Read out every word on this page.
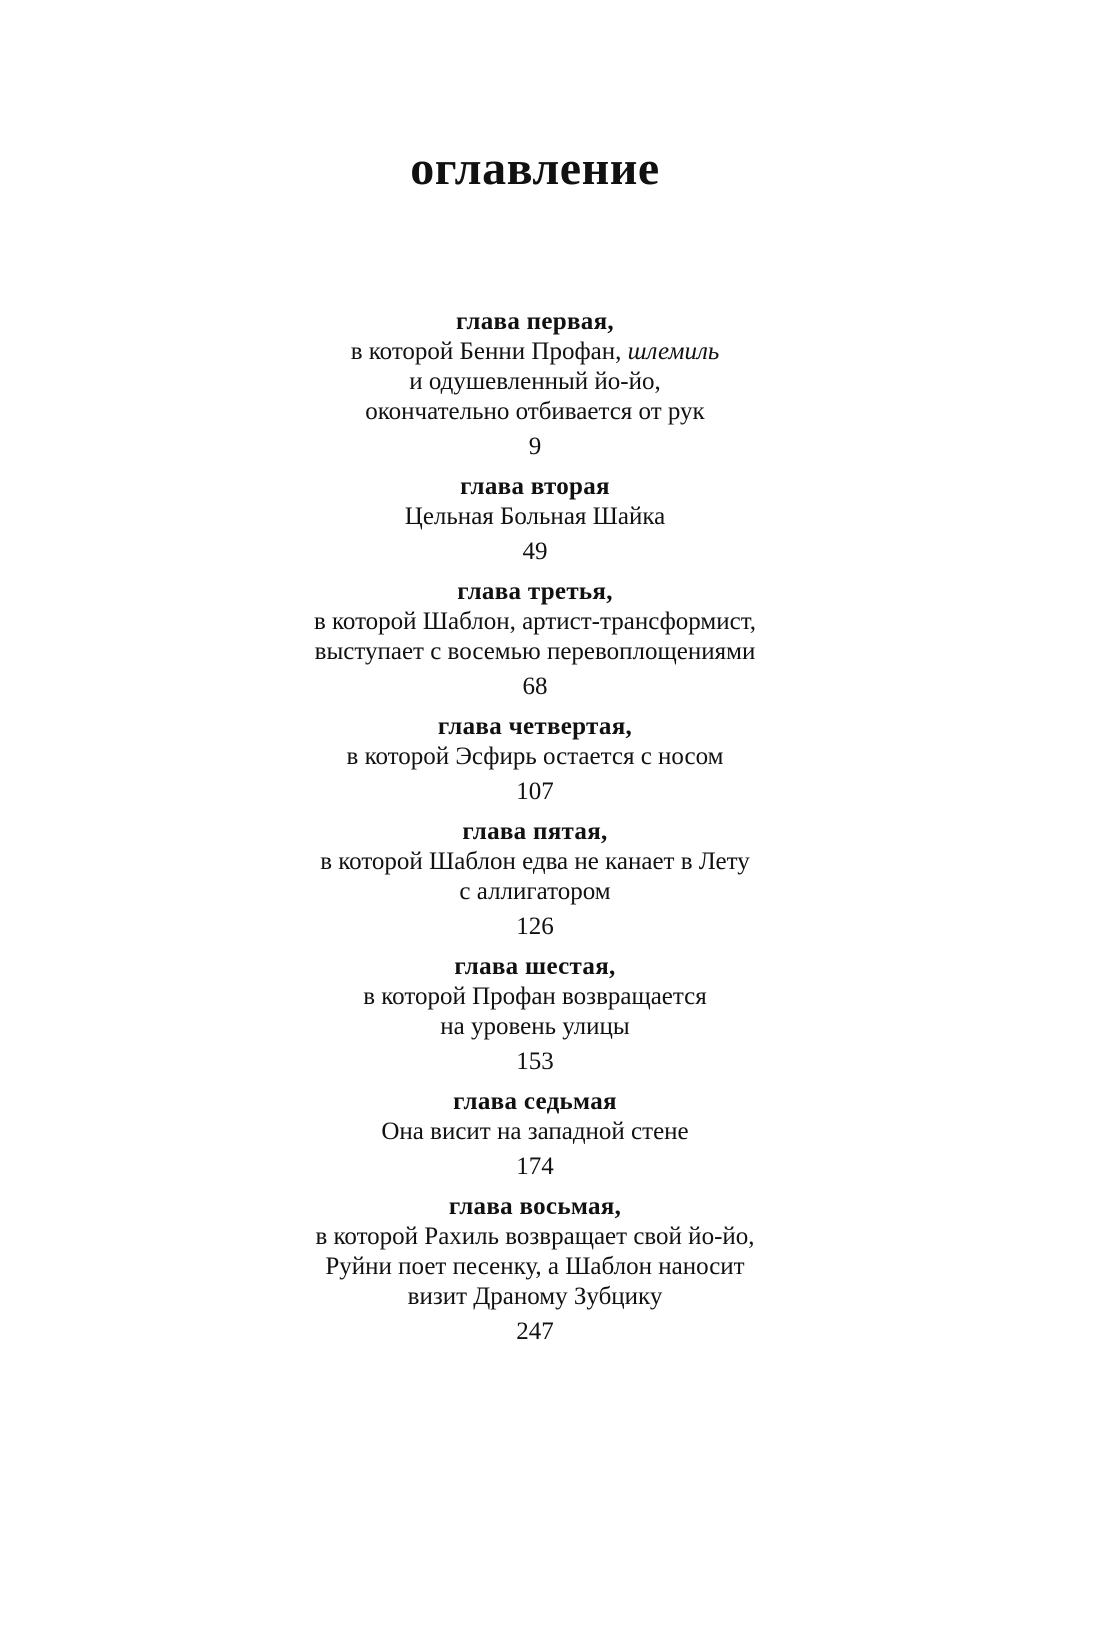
оглавление
глава первая,
в которой Бенни Профан, шлемиль
и одушевленный йо-йо,
окончательно отбивается от рук
9
глава вторая
Цельная Больная Шайка
49
глава третья,
в которой Шаблон, артист-трансформист,
выступает с восемью перевоплощениями
68
глава четвертая,
в которой Эсфирь остается с носом
107
глава пятая,
в которой Шаблон едва не канает в Лету
с аллигатором
126
глава шестая,
в которой Профан возвращается
на уровень улицы
153
глава седьмая
Она висит на западной стене
174
глава восьмая,
в которой Рахиль возвращает свой йо-йо,
Руйни поет песенку, а Шаблон наносит
визит Драному Зубцику
247
